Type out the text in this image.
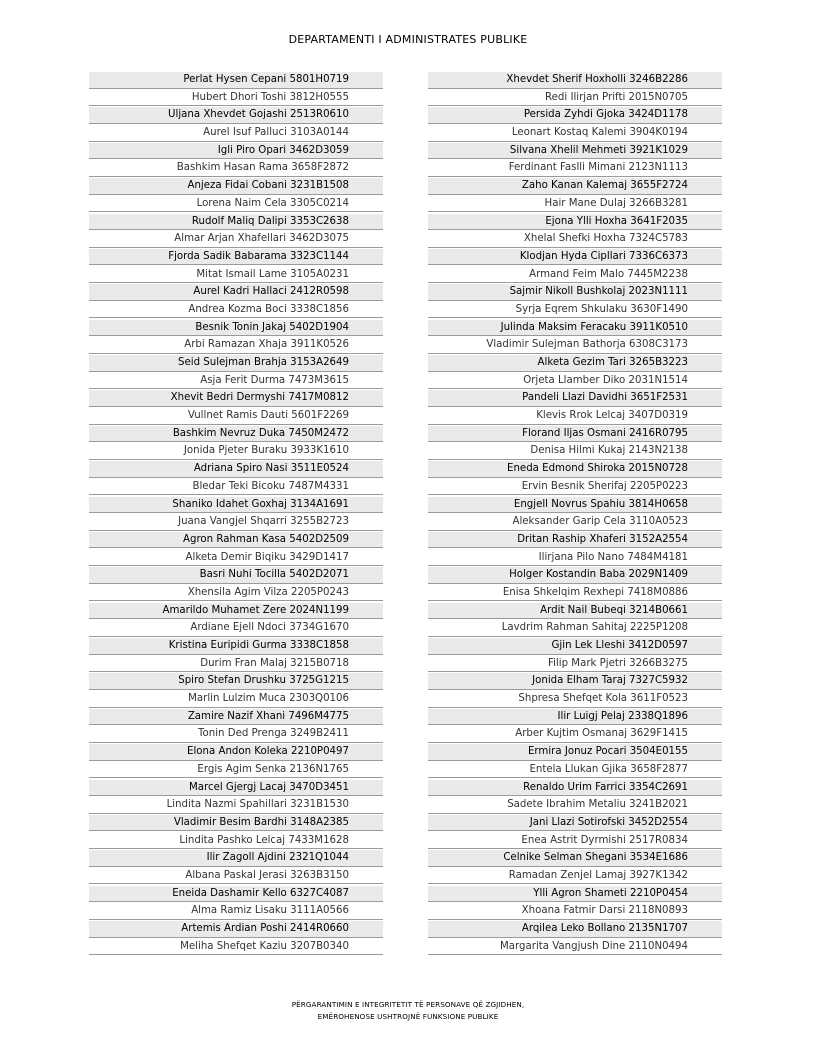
DEPARTAMENTI I ADMINISTRATES PUBLIKE
Perlat Hysen Cepani 5801H0719
Hubert Dhori Toshi 3812H0555
Uljana Xhevdet Gojashi 2513R0610
Aurel Isuf Palluci 3103A0144
Igli Piro Opari 3462D3059
Bashkim Hasan Rama 3658F2872
Anjeza Fidai Cobani 3231B1508
Lorena Naim Cela 3305C0214
Rudolf Maliq Dalipi 3353C2638
Almar Arjan Xhafellari 3462D3075
Fjorda Sadik Babarama 3323C1144
Mitat Ismail Lame 3105A0231
Aurel Kadri Hallaci 2412R0598
Andrea Kozma Boci 3338C1856
Besnik Tonin Jakaj 5402D1904
Arbi Ramazan Xhaja 3911K0526
Seid Sulejman Brahja 3153A2649
Asja Ferit Durma 7473M3615
Xhevit Bedri Dermyshi 7417M0812
Vullnet Ramis Dauti 5601F2269
Bashkim Nevruz Duka 7450M2472
Jonida Pjeter Buraku 3933K1610
Adriana Spiro Nasi 3511E0524
Bledar Teki Bicoku 7487M4331
Shaniko Idahet Goxhaj 3134A1691
Juana Vangjel Shqarri 3255B2723
Agron Rahman Kasa 5402D2509
Alketa Demir Biqiku 3429D1417
Basri Nuhi Tocilla 5402D2071
Xhensila Agim Vilza 2205P0243
Amarildo Muhamet Zere 2024N1199
Ardiane Ejell Ndoci 3734G1670
Kristina Euripidi Gurma 3338C1858
Durim Fran Malaj 3215B0718
Spiro Stefan Drushku 3725G1215
Marlin Lulzim Muca 2303Q0106
Zamire Nazif Xhani 7496M4775
Tonin Ded Prenga 3249B2411
Elona Andon Koleka 2210P0497
Ergis Agim Senka 2136N1765
Marcel Gjergj Lacaj 3470D3451
Lindita Nazmi Spahillari 3231B1530
Vladimir Besim Bardhi 3148A2385
Lindita Pashko Lelcaj 7433M1628
Ilir Zagoll Ajdini 2321Q1044
Albana Paskal Jerasi 3263B3150
Eneida Dashamir Kello 6327C4087
Alma Ramiz Lisaku 3111A0566
Artemis Ardian Poshi 2414R0660
Meliha Shefqet Kaziu 3207B0340
Xhevdet Sherif Hoxholli 3246B2286
Redi Ilirjan Prifti 2015N0705
Persida Zyhdi Gjoka 3424D1178
Leonart Kostaq Kalemi 3904K0194
Silvana Xhelil Mehmeti 3921K1029
Ferdinant Faslli Mimani 2123N1113
Zaho Kanan Kalemaj 3655F2724
Hair Mane Dulaj 3266B3281
Ejona Ylli Hoxha 3641F2035
Xhelal Shefki Hoxha 7324C5783
Klodjan Hyda Cipllari 7336C6373
Armand Feim Malo 7445M2238
Sajmir Nikoll Bushkolaj 2023N1111
Syrja Eqrem Shkulaku 3630F1490
Julinda Maksim Feracaku 3911K0510
Vladimir Sulejman Bathorja 6308C3173
Alketa Gezim Tari 3265B3223
Orjeta Llamber Diko 2031N1514
Pandeli Llazi Davidhi 3651F2531
Klevis Rrok Lelcaj 3407D0319
Florand Iljas Osmani 2416R0795
Denisa Hilmi Kukaj 2143N2138
Eneda Edmond Shiroka 2015N0728
Ervin Besnik Sherifaj 2205P0223
Engjell Novrus Spahiu 3814H0658
Aleksander Garip Cela 3110A0523
Dritan Raship Xhaferi 3152A2554
Ilirjana Pilo Nano 7484M4181
Holger Kostandin Baba 2029N1409
Enisa Shkelqim Rexhepi 7418M0886
Ardit Nail Bubeqi 3214B0661
Lavdrim Rahman Sahitaj 2225P1208
Gjin Lek Lleshi 3412D0597
Filip Mark Pjetri 3266B3275
Jonida Elham Taraj 7327C5932
Shpresa Shefqet Kola 3611F0523
Ilir Luigj Pelaj 2338Q1896
Arber Kujtim Osmanaj 3629F1415
Ermira Jonuz Pocari 3504E0155
Entela Llukan Gjika 3658F2877
Renaldo Urim Farrici 3354C2691
Sadete Ibrahim Metaliu 3241B2021
Jani Llazi Sotirofski 3452D2554
Enea Astrit Dyrmishi 2517R0834
Celnike Selman Shegani 3534E1686
Ramadan Zenjel Lamaj 3927K1342
Ylli Agron Shameti 2210P0454
Xhoana Fatmir Darsi 2118N0893
Arqilea Leko Bollano 2135N1707
Margarita Vangjush Dine 2110N0494
PËRGARANTIMIN E INTEGRITETIT TË PERSONAVE QË ZGJIDHEN,
EMËROHENOSE USHTROJNË FUNKSIONE PUBLIKE
